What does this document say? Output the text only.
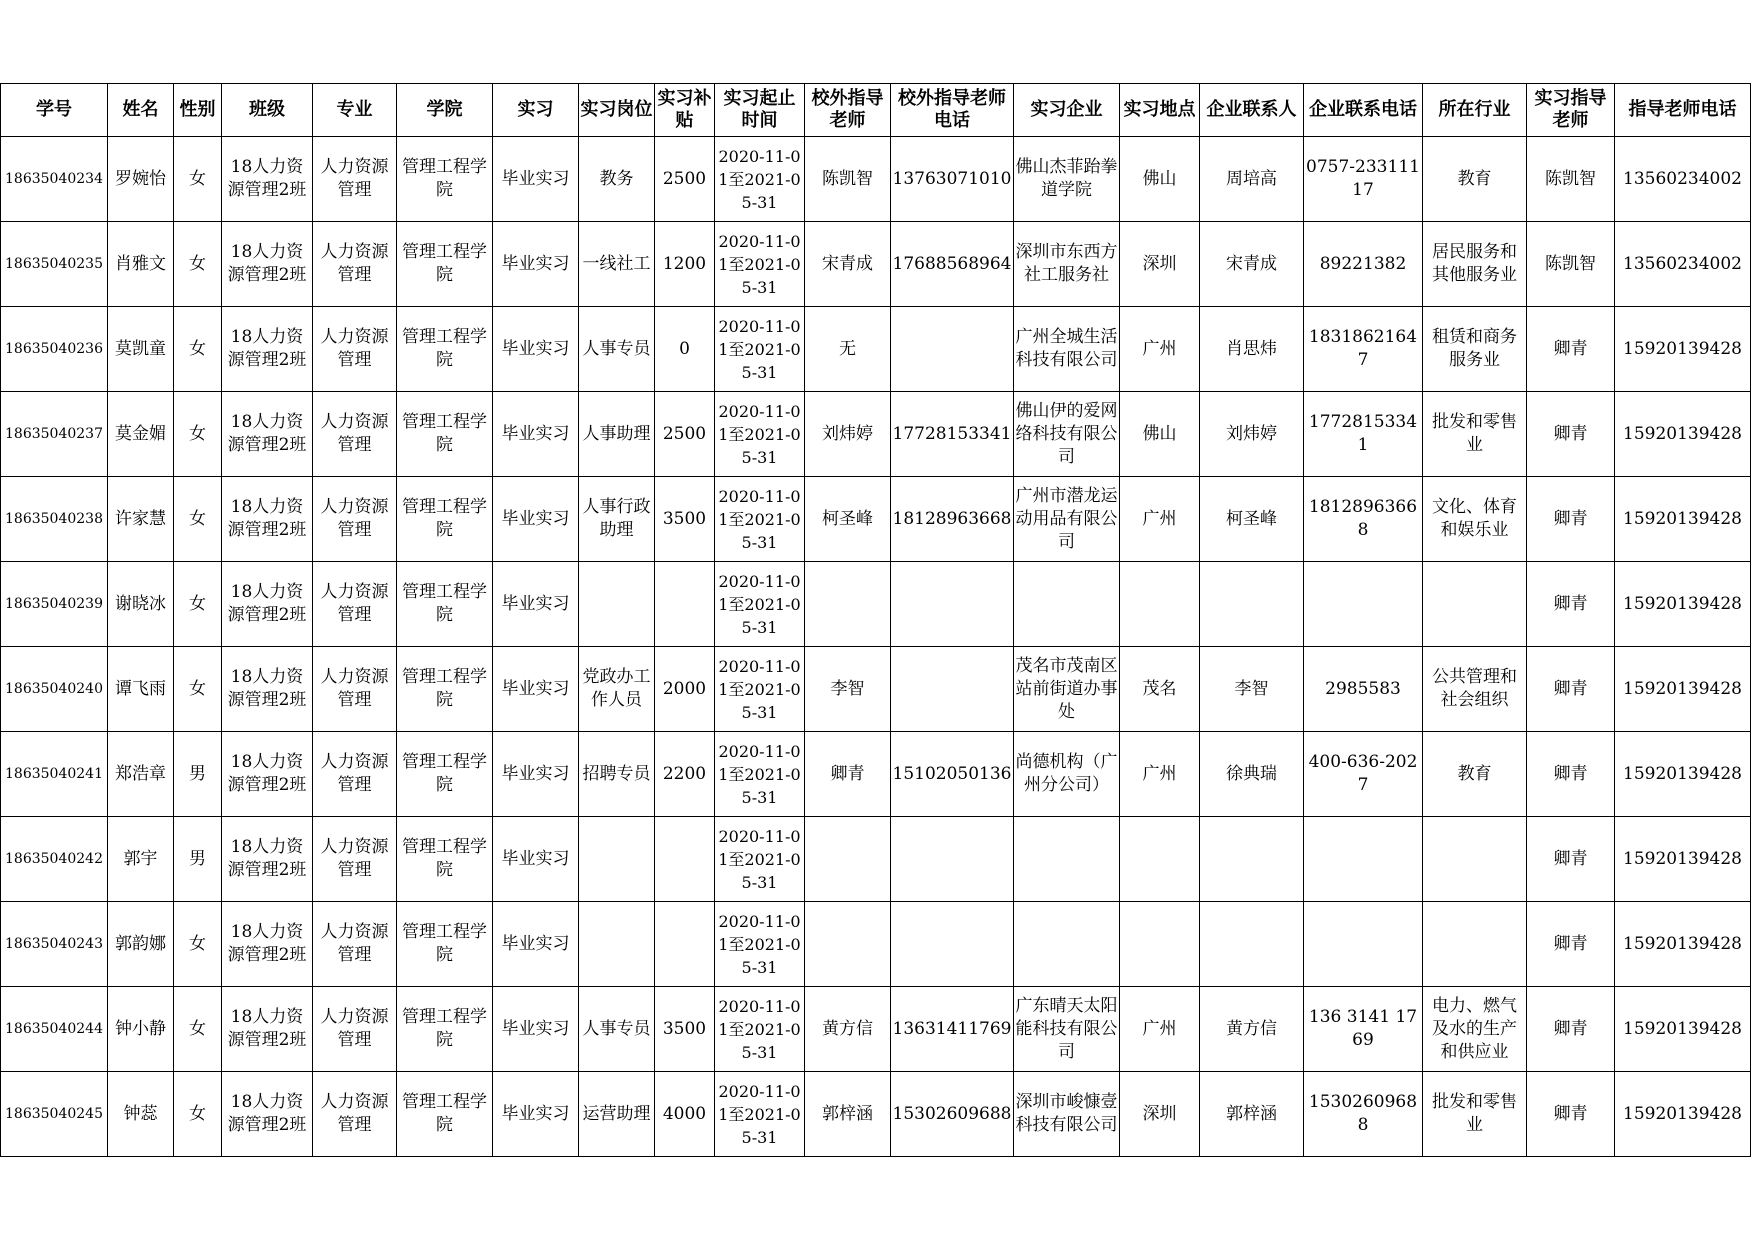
学号	姓名	性别	班级	专业	学院	实习	实习岗位	实习补贴	实习起止时间	校外指导老师	校外指导老师电话	实习企业	实习地点	企业联系人	企业联系电话	所在行业	实习指导老师	指导老师电话

18635040234	罗婉怡	女	18人力资源管理2班	人力资源管理	管理工程学院	毕业实习	教务	2500	2020-11-01至2021-05-31	陈凯智	13763071010	佛山杰菲跆拳道学院	佛山	周培高	0757-23311117	教育	陈凯智	13560234002

18635040235	肖雅文	女	18人力资源管理2班	人力资源管理	管理工程学院	毕业实习	一线社工	1200	2020-11-01至2021-05-31	宋青成	17688568964	深圳市东西方社工服务社	深圳	宋青成	89221382	居民服务和其他服务业	陈凯智	13560234002

18635040236	莫凯童	女	18人力资源管理2班	人力资源管理	管理工程学院	毕业实习	人事专员	0	2020-11-01至2021-05-31	无		广州全城生活科技有限公司	广州	肖思炜	18318621647	租赁和商务服务业	卿青	15920139428

18635040237	莫金媚	女	18人力资源管理2班	人力资源管理	管理工程学院	毕业实习	人事助理	2500	2020-11-01至2021-05-31	刘炜婷	17728153341	佛山伊的爱网络科技有限公司	佛山	刘炜婷	17728153341	批发和零售业	卿青	15920139428

18635040238	许家慧	女	18人力资源管理2班	人力资源管理	管理工程学院	毕业实习	人事行政助理	3500	2020-11-01至2021-05-31	柯圣峰	18128963668	广州市潜龙运动用品有限公司	广州	柯圣峰	18128963668	文化、体育和娱乐业	卿青	15920139428

18635040239	谢晓冰	女	18人力资源管理2班	人力资源管理	管理工程学院	毕业实习			2020-11-01至2021-05-31								卿青	15920139428

18635040240	谭飞雨	女	18人力资源管理2班	人力资源管理	管理工程学院	毕业实习	党政办工作人员	2000	2020-11-01至2021-05-31	李智		茂名市茂南区站前街道办事处	茂名	李智	2985583	公共管理和社会组织	卿青	15920139428

18635040241	郑浩章	男	18人力资源管理2班	人力资源管理	管理工程学院	毕业实习	招聘专员	2200	2020-11-01至2021-05-31	卿青	15102050136	尚德机构（广州分公司）	广州	徐典瑞	400-636-2027	教育	卿青	15920139428

18635040242	郭宇	男	18人力资源管理2班	人力资源管理	管理工程学院	毕业实习			2020-11-01至2021-05-31								卿青	15920139428

18635040243	郭韵娜	女	18人力资源管理2班	人力资源管理	管理工程学院	毕业实习			2020-11-01至2021-05-31								卿青	15920139428

18635040244	钟小静	女	18人力资源管理2班	人力资源管理	管理工程学院	毕业实习	人事专员	3500	2020-11-01至2021-05-31	黄方信	13631411769	广东晴天太阳能科技有限公司	广州	黄方信	136 3141 1769	电力、燃气及水的生产和供应业	卿青	15920139428

18635040245	钟蕊	女	18人力资源管理2班	人力资源管理	管理工程学院	毕业实习	运营助理	4000	2020-11-01至2021-05-31	郭梓涵	15302609688	深圳市峻慷壹科技有限公司	深圳	郭梓涵	15302609688	批发和零售业	卿青	15920139428
